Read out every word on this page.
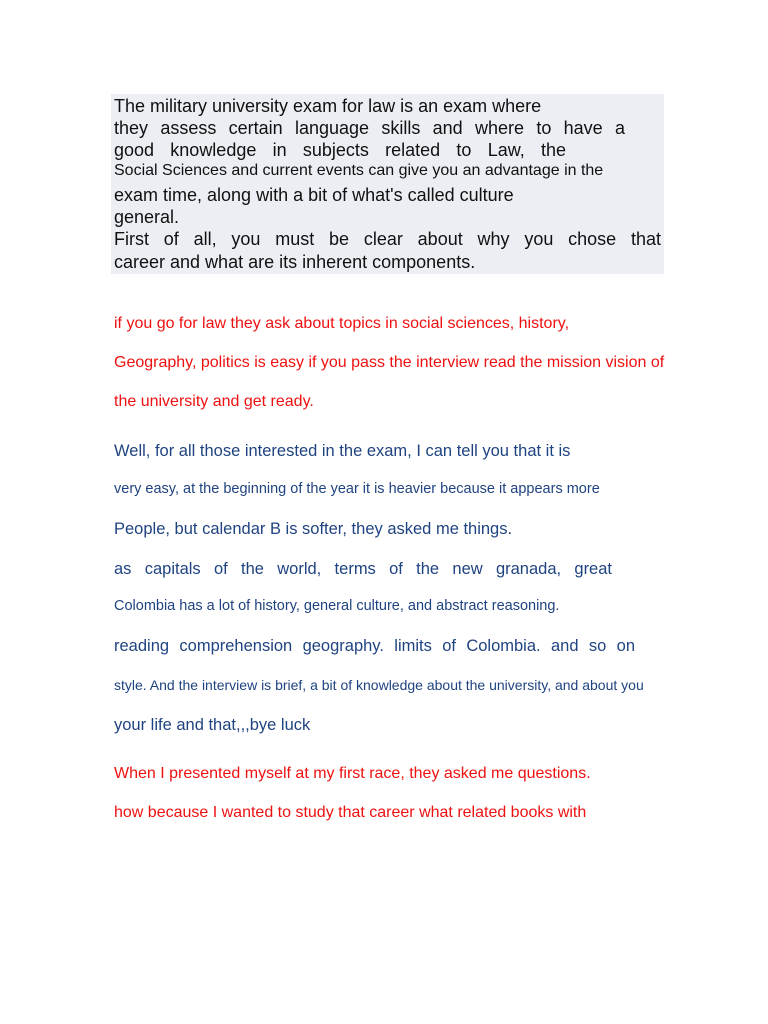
The military university exam for law is an exam where
they assess certain language skills and where to have a
good knowledge in subjects related to Law, the
Social Sciences and current events can give you an advantage in the
exam time, along with a bit of what's called culture
general.
First of all, you must be clear about why you chose that
career and what are its inherent components.
if you go for law they ask about topics in social sciences, history,
Geography, politics is easy if you pass the interview read the mission vision of
the university and get ready.
Well, for all those interested in the exam, I can tell you that it is
very easy, at the beginning of the year it is heavier because it appears more
People, but calendar B is softer, they asked me things.
as capitals of the world, terms of the new granada, great
Colombia has a lot of history, general culture, and abstract reasoning.
reading comprehension geography. limits of Colombia. and so on
style. And the interview is brief, a bit of knowledge about the university, and about you
your life and that,,,bye luck
When I presented myself at my first race, they asked me questions.
how because I wanted to study that career what related books with
